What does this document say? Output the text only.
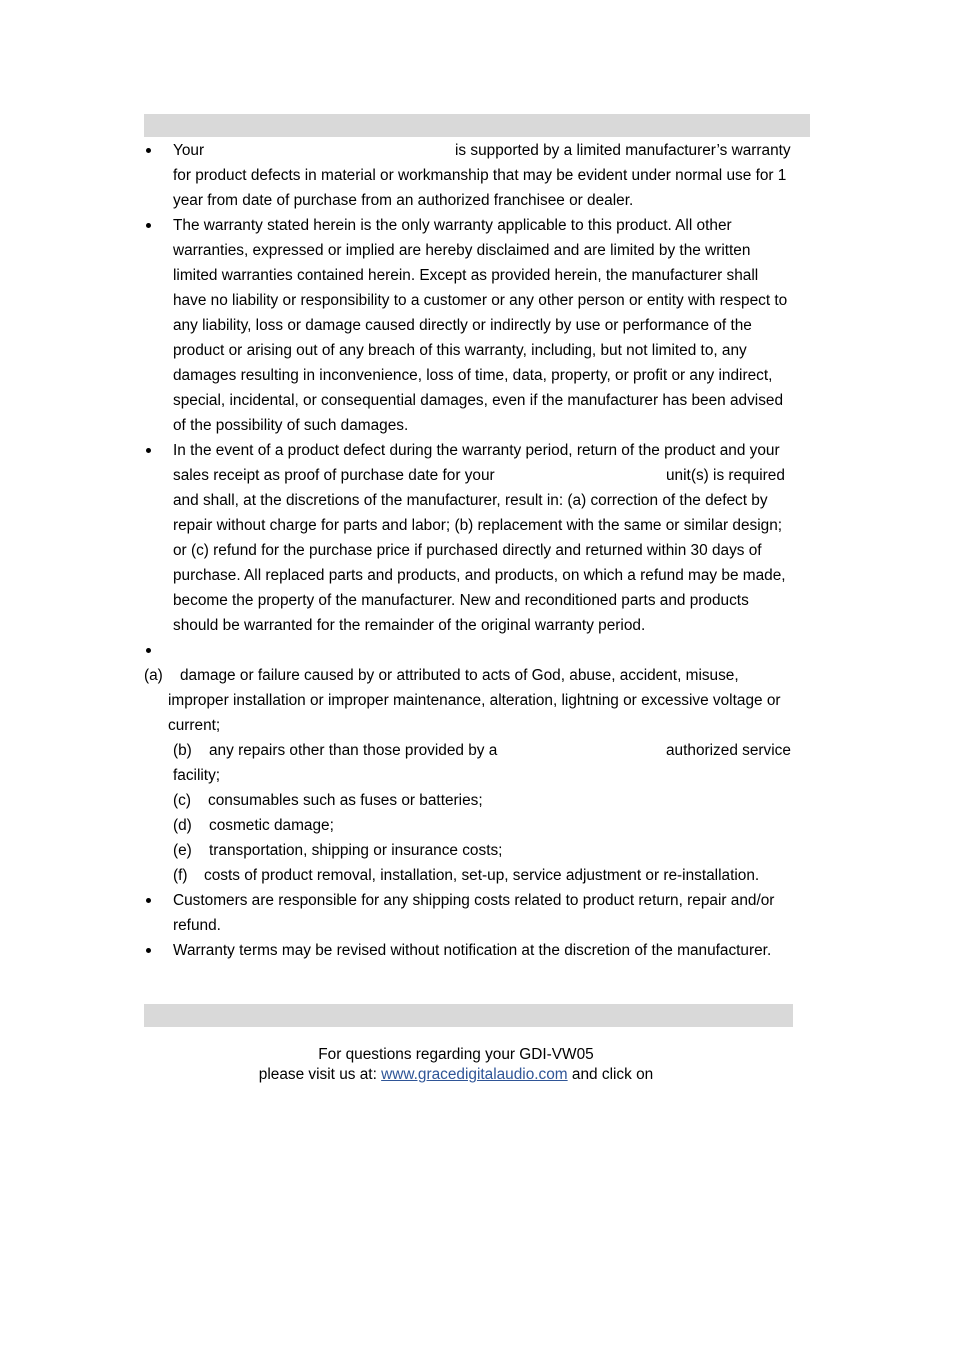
Your	is supported by a limited manufacturer’s warranty
for product defects in material or workmanship that may be evident under normal use for 1
year from date of purchase from an authorized franchisee or dealer.
The warranty stated herein is the only warranty applicable to this product. All other
warranties, expressed or implied are hereby disclaimed and are limited by the written
limited warranties contained herein. Except as provided herein, the manufacturer shall
have no liability or responsibility to a customer or any other person or entity with respect to
any liability, loss or damage caused directly or indirectly by use or performance of the
product or arising out of any breach of this warranty, including, but not limited to, any
damages resulting in inconvenience, loss of time, data, property, or profit or any indirect,
special, incidental, or consequential damages, even if the manufacturer has been advised
of the possibility of such damages.
In the event of a product defect during the warranty period, return of the product and your
sales receipt as proof of purchase date for your	unit(s) is required
and shall, at the discretions of the manufacturer, result in: (a) correction of the defect by
repair without charge for parts and labor; (b) replacement with the same or similar design;
or (c) refund for the purchase price if purchased directly and returned within 30 days of
purchase. All replaced parts and products, and products, on which a refund may be made,
become the property of the manufacturer. New and reconditioned parts and products
should be warranted for the remainder of the original warranty period.
(a) damage or failure caused by or attributed to acts of God, abuse, accident, misuse,
improper installation or improper maintenance, alteration, lightning or excessive voltage or
current;
(b) any repairs other than those provided by a	authorized service
facility;
(c) consumables such as fuses or batteries;
(d) cosmetic damage;
(e) transportation, shipping or insurance costs;
(f) costs of product removal, installation, set-up, service adjustment or re-installation.
Customers are responsible for any shipping costs related to product return, repair and/or
refund.
Warranty terms may be revised without notification at the discretion of the manufacturer.
For questions regarding your GDI-VW05
please visit us at: www.gracedigitalaudio.com and click on
